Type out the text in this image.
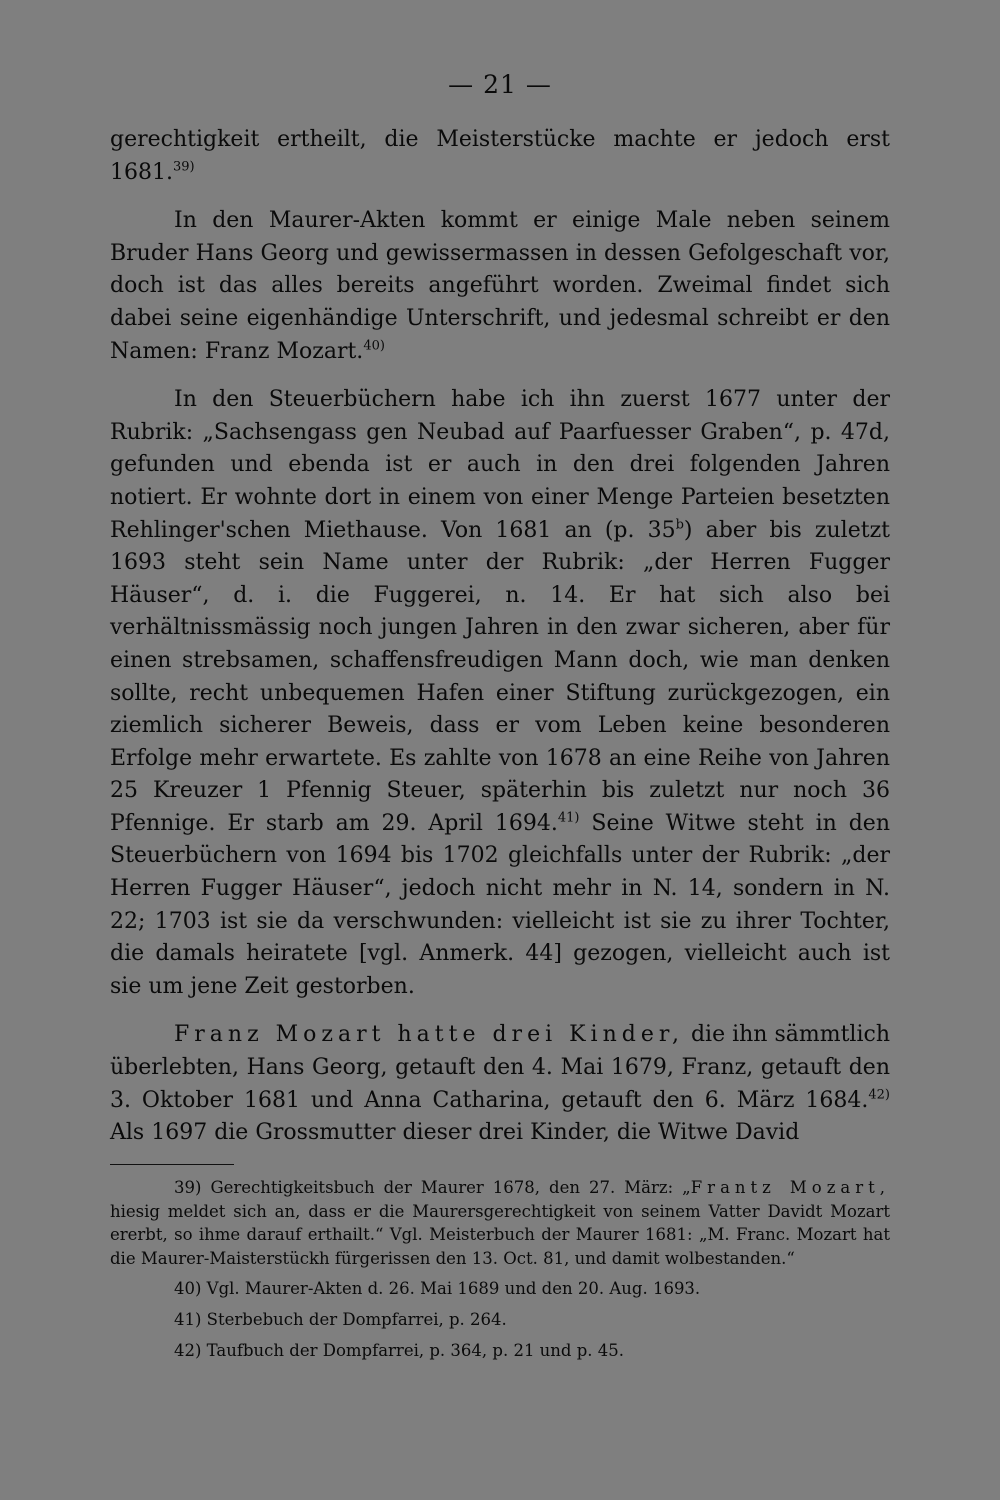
— 21 —

gerechtigkeit ertheilt, die Meisterstücke machte er jedoch erst 1681.$^{39)}$

In den Maurer-Akten kommt er einige Male neben seinem Bruder Hans Georg und gewissermassen in dessen Gefolgeschaft vor, doch ist das alles bereits angeführt worden. Zweimal findet sich dabei seine eigenhändige Unterschrift, und jedesmal schreibt er den Namen: Franz Mozart.$^{40)}$

In den Steuerbüchern habe ich ihn zuerst 1677 unter der Rubrik: „Sachsengass gen Neubad auf Paarfuesser Graben“, p. 47d, gefunden und ebenda ist er auch in den drei folgenden Jahren notiert. Er wohnte dort in einem von einer Menge Parteien besetzten Rehlinger'schen Miethause. Von 1681 an (p. 35$^b$) aber bis zuletzt 1693 steht sein Name unter der Rubrik: „der Herren Fugger Häuser“, d. i. die Fuggerei, n. 14. Er hat sich also bei verhältnissmässig noch jungen Jahren in den zwar sicheren, aber für einen strebsamen, schaffensfreudigen Mann doch, wie man denken sollte, recht unbequemen Hafen einer Stiftung zurückgezogen, ein ziemlich sicherer Beweis, dass er vom Leben keine besonderen Erfolge mehr erwartete. Es zahlte von 1678 an eine Reihe von Jahren 25 Kreuzer 1 Pfennig Steuer, späterhin bis zuletzt nur noch 36 Pfennige. Er starb am 29. April 1694.$^{41)}$ Seine Witwe steht in den Steuerbüchern von 1694 bis 1702 gleichfalls unter der Rubrik: „der Herren Fugger Häuser“, jedoch nicht mehr in N. 14, sondern in N. 22; 1703 ist sie da verschwunden: vielleicht ist sie zu ihrer Tochter, die damals heiratete [vgl. Anmerk. 44] gezogen, vielleicht auch ist sie um jene Zeit gestorben.

Franz Mozart hatte drei Kinder, die ihn sämmtlich überlebten, Hans Georg, getauft den 4. Mai 1679, Franz, getauft den 3. Oktober 1681 und Anna Catharina, getauft den 6. März 1684.$^{42)}$ Als 1697 die Grossmutter dieser drei Kinder, die Witwe David

39) Gerechtigkeitsbuch der Maurer 1678, den 27. März: „Frantz Mozart, hiesig meldet sich an, dass er die Maurersgerechtigkeit von seinem Vatter Davidt Mozart ererbt, so ihme darauf erthailt.“ Vgl. Meisterbuch der Maurer 1681: „M. Franc. Mozart hat die Maurer-Maisterstückh fürgerissen den 13. Oct. 81, und damit wolbestanden.“

40) Vgl. Maurer-Akten d. 26. Mai 1689 und den 20. Aug. 1693.

41) Sterbebuch der Dompfarrei, p. 264.

42) Taufbuch der Dompfarrei, p. 364, p. 21 und p. 45.
